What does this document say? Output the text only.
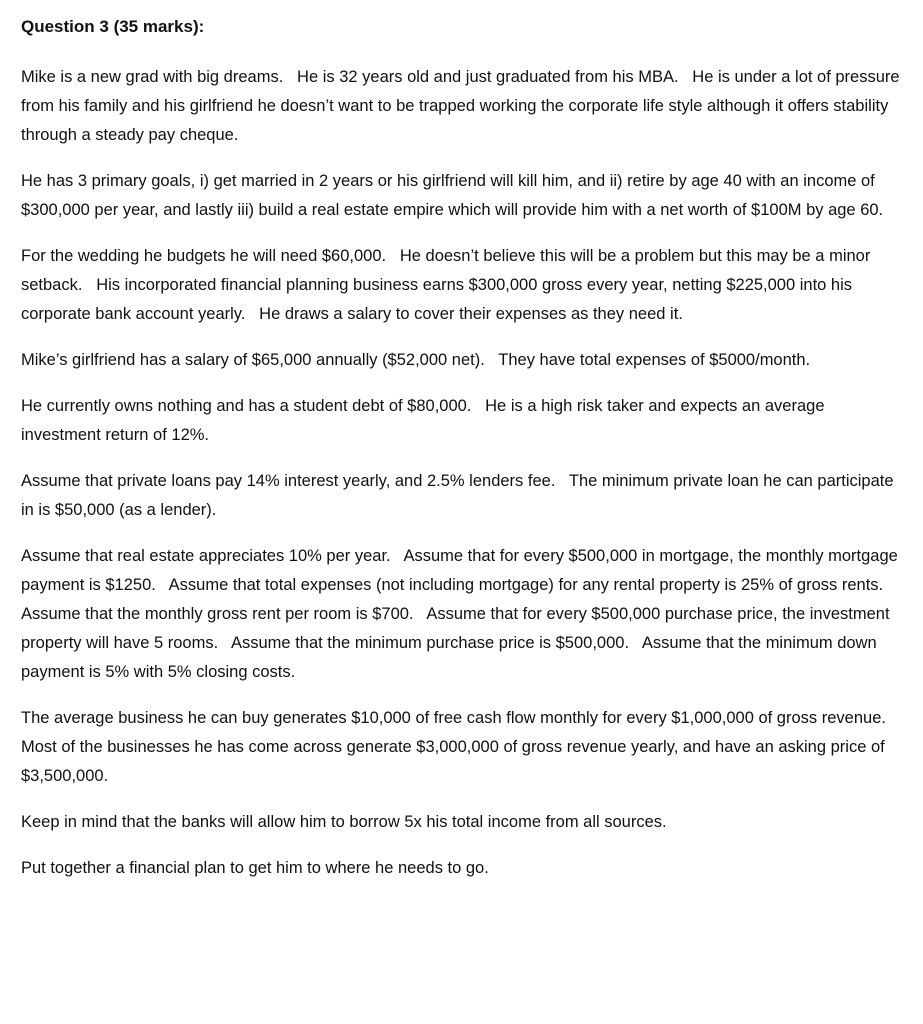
Question 3 (35 marks):
Mike is a new grad with big dreams.   He is 32 years old and just graduated from his MBA.   He is under a lot of pressure from his family and his girlfriend he doesn’t want to be trapped working the corporate life style although it offers stability through a steady pay cheque.
He has 3 primary goals, i) get married in 2 years or his girlfriend will kill him, and ii) retire by age 40 with an income of $300,000 per year, and lastly iii) build a real estate empire which will provide him with a net worth of $100M by age 60.
For the wedding he budgets he will need $60,000.   He doesn’t believe this will be a problem but this may be a minor setback.   His incorporated financial planning business earns $300,000 gross every year, netting $225,000 into his corporate bank account yearly.   He draws a salary to cover their expenses as they need it.
Mike’s girlfriend has a salary of $65,000 annually ($52,000 net).   They have total expenses of $5000/month.
He currently owns nothing and has a student debt of $80,000.   He is a high risk taker and expects an average investment return of 12%.
Assume that private loans pay 14% interest yearly, and 2.5% lenders fee.   The minimum private loan he can participate in is $50,000 (as a lender).
Assume that real estate appreciates 10% per year.   Assume that for every $500,000 in mortgage, the monthly mortgage payment is $1250.   Assume that total expenses (not including mortgage) for any rental property is 25% of gross rents.   Assume that the monthly gross rent per room is $700.   Assume that for every $500,000 purchase price, the investment property will have 5 rooms.   Assume that the minimum purchase price is $500,000.   Assume that the minimum down payment is 5% with 5% closing costs.
The average business he can buy generates $10,000 of free cash flow monthly for every $1,000,000 of gross revenue.   Most of the businesses he has come across generate $3,000,000 of gross revenue yearly, and have an asking price of $3,500,000.
Keep in mind that the banks will allow him to borrow 5x his total income from all sources.
Put together a financial plan to get him to where he needs to go.
